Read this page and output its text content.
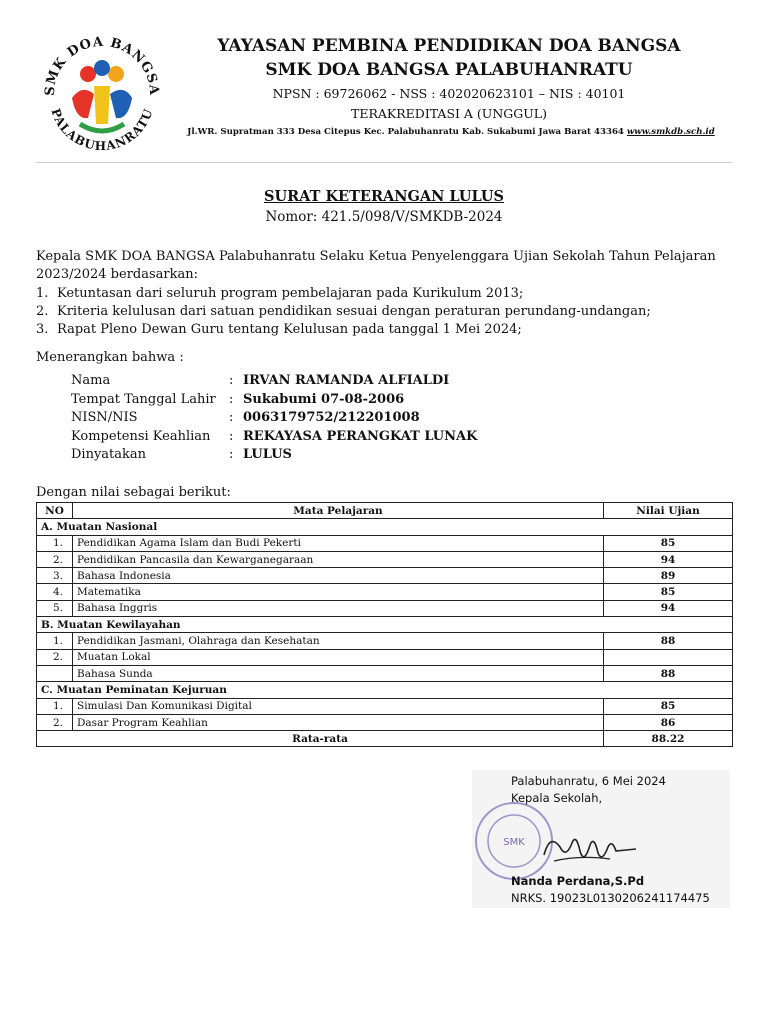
SMK DOA BANGSA
PALABUHANRATU
YAYASAN PEMBINA PENDIDIKAN DOA BANGSA
SMK DOA BANGSA PALABUHANRATU
NPSN : 69726062 - NSS : 402020623101 – NIS : 40101
TERAKREDITASI A (UNGGUL)
Jl.WR. Supratman 333 Desa Citepus Kec. Palabuhanratu Kab. Sukabumi Jawa Barat 43364 www.smkdb.sch.id
SURAT KETERANGAN LULUS
Nomor: 421.5/098/V/SMKDB-2024
Kepala SMK DOA BANGSA Palabuhanratu Selaku Ketua Penyelenggara Ujian Sekolah Tahun Pelajaran 2023/2024 berdasarkan:
1. Ketuntasan dari seluruh program pembelajaran pada Kurikulum 2013;
2. Kriteria kelulusan dari satuan pendidikan sesuai dengan peraturan perundang-undangan;
3. Rapat Pleno Dewan Guru tentang Kelulusan pada tanggal 1 Mei 2024;
Menerangkan bahwa :
Nama	: IRVAN RAMANDA ALFIALDI
Tempat Tanggal Lahir	: Sukabumi 07-08-2006
NISN/NIS	: 0063179752/212201008
Kompetensi Keahlian	: REKAYASA PERANGKAT LUNAK
Dinyatakan	: LULUS
Dengan nilai sebagai berikut:
NO	Mata Pelajaran	Nilai Ujian
A. Muatan Nasional		
1.	Pendidikan Agama Islam dan Budi Pekerti	85
2.	Pendidikan Pancasila dan Kewarganegaraan	94
3.	Bahasa Indonesia	89
4.	Matematika	85
5.	Bahasa Inggris	94
B. Muatan Kewilayahan		
1.	Pendidikan Jasmani, Olahraga dan Kesehatan	88
2.	Muatan Lokal	
	Bahasa Sunda	88
C. Muatan Peminatan Kejuruan		
1.	Simulasi Dan Komunikasi Digital	85
2.	Dasar Program Keahlian	86
Rata-rata		88.22
SMK
Palabuhanratu, 6 Mei 2024
Kepala Sekolah,
Nanda Perdana,S.Pd
NRKS. 19023L0130206241174475
